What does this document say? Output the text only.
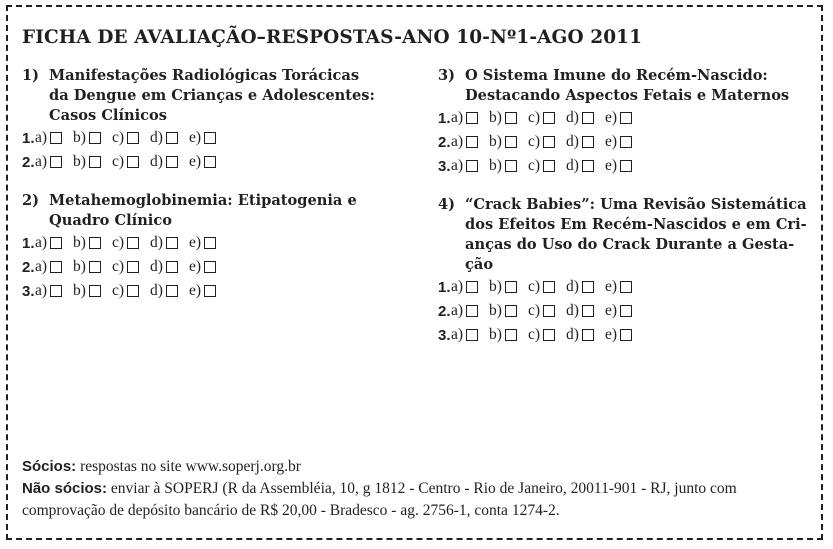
FICHA DE AVALIAÇÃO–RESPOSTAS-ANO 10-Nº1-AGO 2011
1) Manifestações Radiológicas Torácicas
da Dengue em Crianças e Adolescentes:
Casos Clínicos
1. a) b) c) d) e)
2. a) b) c) d) e)
2) Metahemoglobinemia: Etipatogenia e
Quadro Clínico
1. a) b) c) d) e)
2. a) b) c) d) e)
3. a) b) c) d) e)
3) O Sistema Imune do Recém-Nascido:
Destacando Aspectos Fetais e Maternos
1. a) b) c) d) e)
2. a) b) c) d) e)
3. a) b) c) d) e)
4) “Crack Babies”: Uma Revisão Sistemática
dos Efeitos Em Recém-Nascidos e em Cri-
anças do Uso do Crack Durante a Gesta-
ção
1. a) b) c) d) e)
2. a) b) c) d) e)
3. a) b) c) d) e)

Sócios: respostas no site www.soperj.org.br

Não sócios: enviar à SOPERJ (R da Assembléia, 10, g 1812 - Centro - Rio de Janeiro, 20011-901 - RJ, junto com

comprovação de depósito bancário de R$ 20,00 - Bradesco - ag. 2756-1, conta 1274-2.
